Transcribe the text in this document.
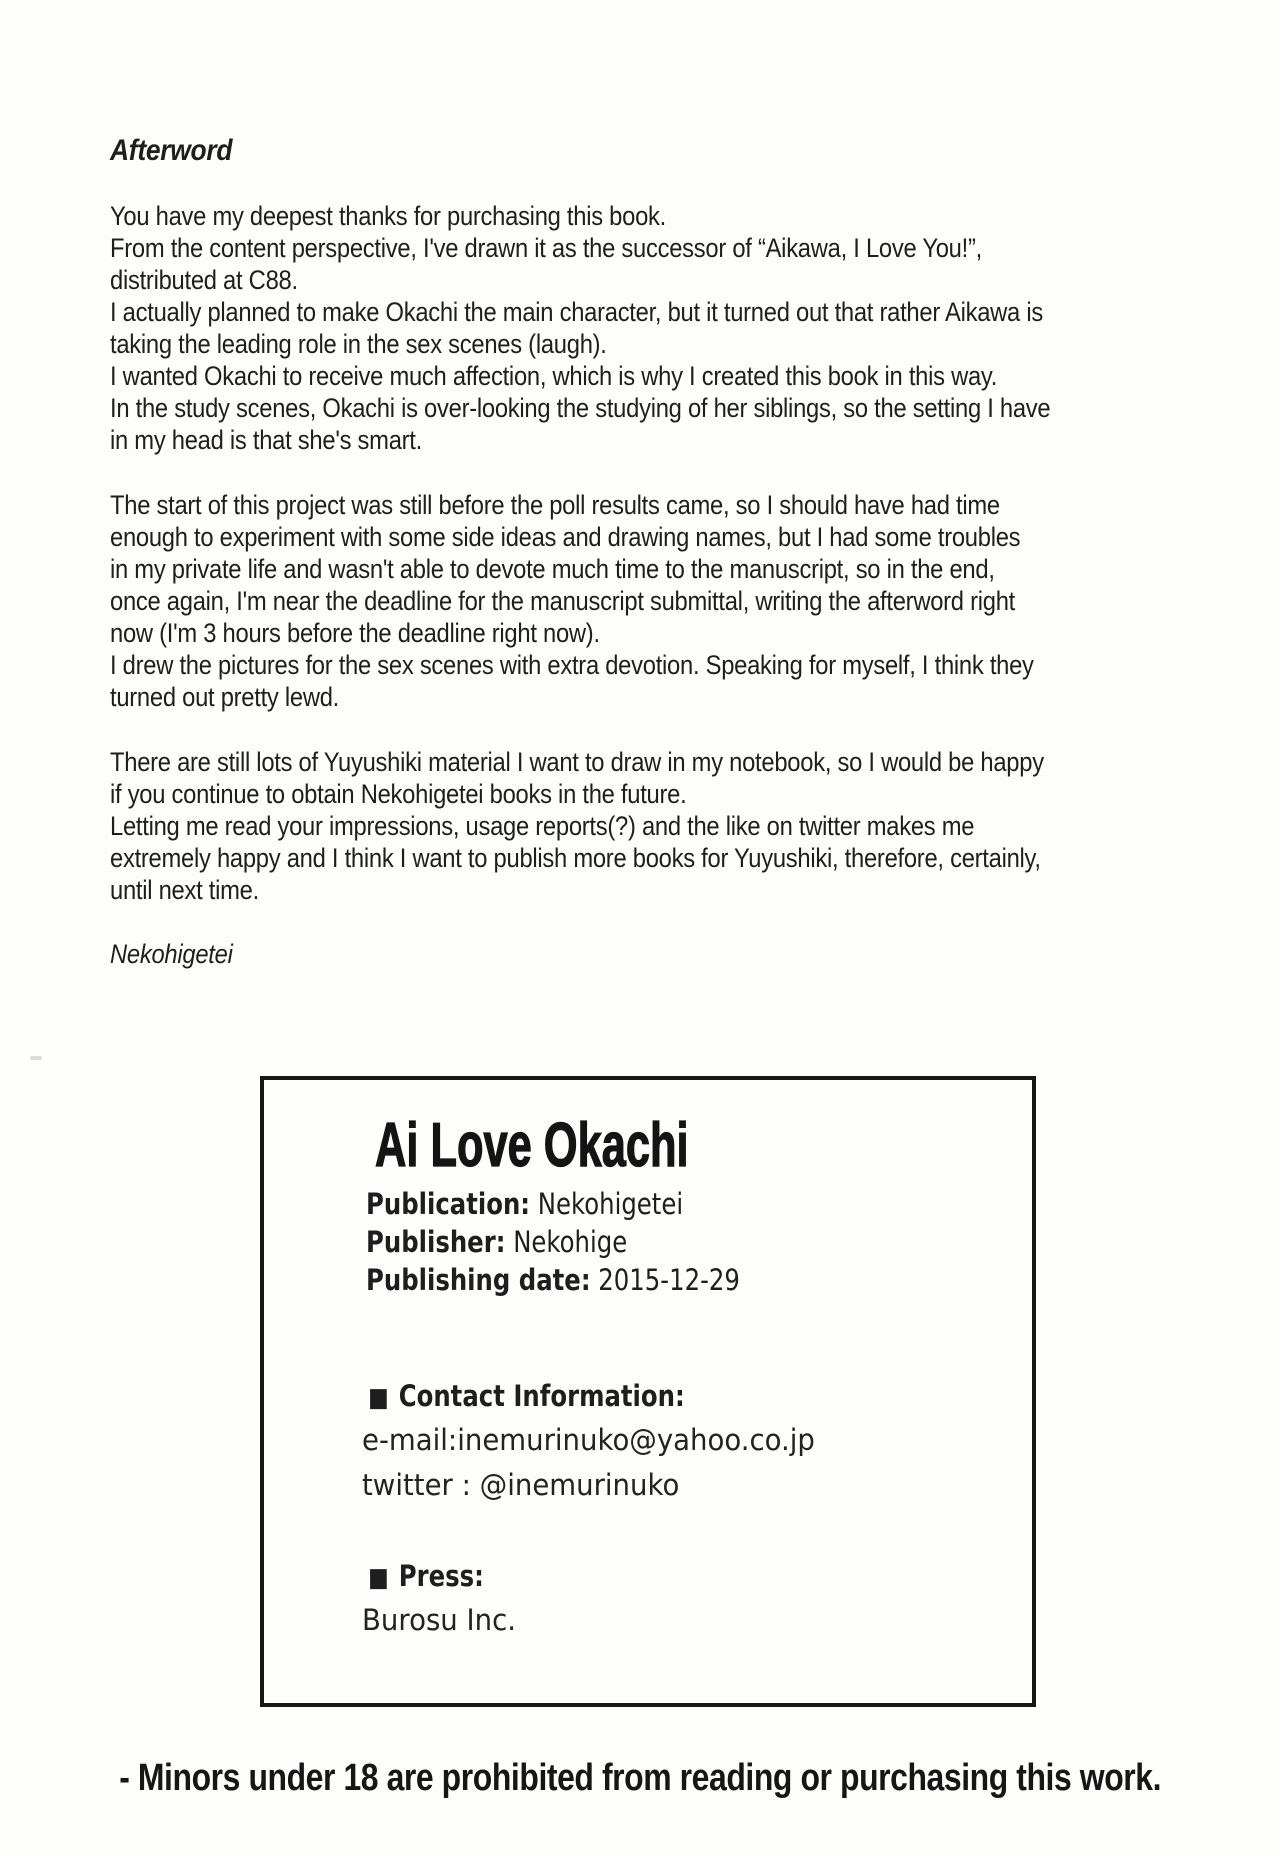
Afterword
You have my deepest thanks for purchasing this book.
From the content perspective, I've drawn it as the successor of “Aikawa, I Love You!”,
distributed at C88.
I actually planned to make Okachi the main character, but it turned out that rather Aikawa is
taking the leading role in the sex scenes (laugh).
I wanted Okachi to receive much affection, which is why I created this book in this way.
In the study scenes, Okachi is over-looking the studying of her siblings, so the setting I have
in my head is that she's smart.
The start of this project was still before the poll results came, so I should have had time
enough to experiment with some side ideas and drawing names, but I had some troubles
in my private life and wasn't able to devote much time to the manuscript, so in the end,
once again, I'm near the deadline for the manuscript submittal, writing the afterword right
now (I'm 3 hours before the deadline right now).
I drew the pictures for the sex scenes with extra devotion. Speaking for myself, I think they
turned out pretty lewd.
There are still lots of Yuyushiki material I want to draw in my notebook, so I would be happy
if you continue to obtain Nekohigetei books in the future.
Letting me read your impressions, usage reports(?) and the like on twitter makes me
extremely happy and I think I want to publish more books for Yuyushiki, therefore, certainly,
until next time.
Nekohigetei
Ai Love Okachi
Publication: Nekohigetei
Publisher: Nekohige
Publishing date: 2015-12-29
■ Contact Information:
e-mail:inemurinuko@yahoo.co.jp
twitter : @inemurinuko
■ Press:
Burosu Inc.
- Minors under 18 are prohibited from reading or purchasing this work.
